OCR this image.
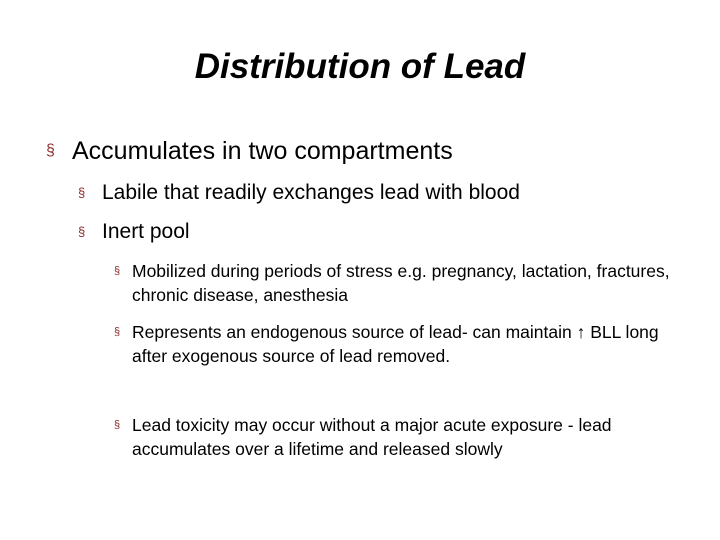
Distribution of Lead
§ Accumulates in two compartments
§ Labile that readily exchanges lead with blood
§ Inert pool
§ Mobilized during periods of stress e.g. pregnancy, lactation, fractures, chronic disease, anesthesia
§ Represents an endogenous source of lead- can maintain ↑ BLL long after exogenous source of lead removed.
§ Lead toxicity may occur without a major acute exposure - lead accumulates over a lifetime and released slowly
